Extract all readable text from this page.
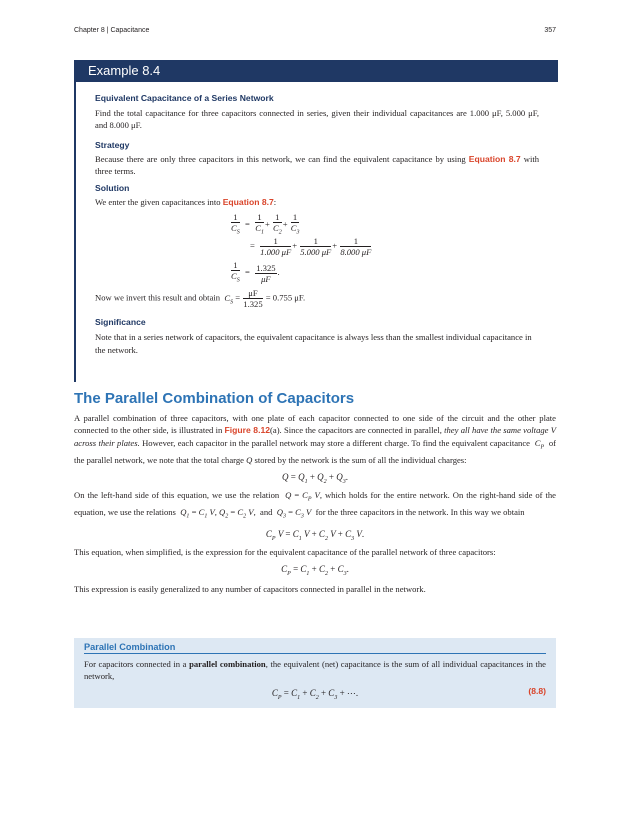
Chapter 8 | Capacitance	357
Example 8.4

Equivalent Capacitance of a Series Network

Find the total capacitance for three capacitors connected in series, given their individual capacitances are 1.000 μF, 5.000 μF, and 8.000 μF.

Strategy

Because there are only three capacitors in this network, we can find the equivalent capacitance by using Equation 8.7 with three terms.

Solution

We enter the given capacitances into Equation 8.7:

$\frac{1}{C_S} = \frac{1}{C_1} + \frac{1}{C_2} + \frac{1}{C_3}$
= $\frac{1}{1.000 \mu F} + \frac{1}{5.000 \mu F} + \frac{1}{8.000 \mu F}$
$\frac{1}{C_S} = \frac{1.325}{\mu F}$ .

Now we invert this result and obtain  $C_S = \frac{\mu F}{1.325} = 0.755$ μF.

Significance

Note that in a series network of capacitors, the equivalent capacitance is always less than the smallest individual capacitance in the network.

The Parallel Combination of Capacitors

A parallel combination of three capacitors, with one plate of each capacitor connected to one side of the circuit and the other plate connected to the other side, is illustrated in Figure 8.12(a). Since the capacitors are connected in parallel, they all have the same voltage V across their plates. However, each capacitor in the parallel network may store a different charge. To find the equivalent capacitance  $C_P$ of the parallel network, we note that the total charge Q stored by the network is the sum of all the individual charges:

$Q = Q_1 + Q_2 + Q_3$.

On the left-hand side of this equation, we use the relation  $Q = C_P$ V, which holds for the entire network. On the right-hand side of the equation, we use the relations  $Q_1 = C_1$ V, $Q_2 = C_2$ V, and  $Q_3 = C_3$ V  for the three capacitors in the network. In this way we obtain

$C_P$ $V = C_1$ $V + C_2$ $V + C_3$ V.

This equation, when simplified, is the expression for the equivalent capacitance of the parallel network of three capacitors:

$C_P = C_1 + C_2 + C_3$.

This expression is easily generalized to any number of capacitors connected in parallel in the network.

Parallel Combination

For capacitors connected in a parallel combination, the equivalent (net) capacitance is the sum of all individual capacitances in the network,

$C_P = C_1 + C_2 + C_3$ + ⋯.	(8.8)
